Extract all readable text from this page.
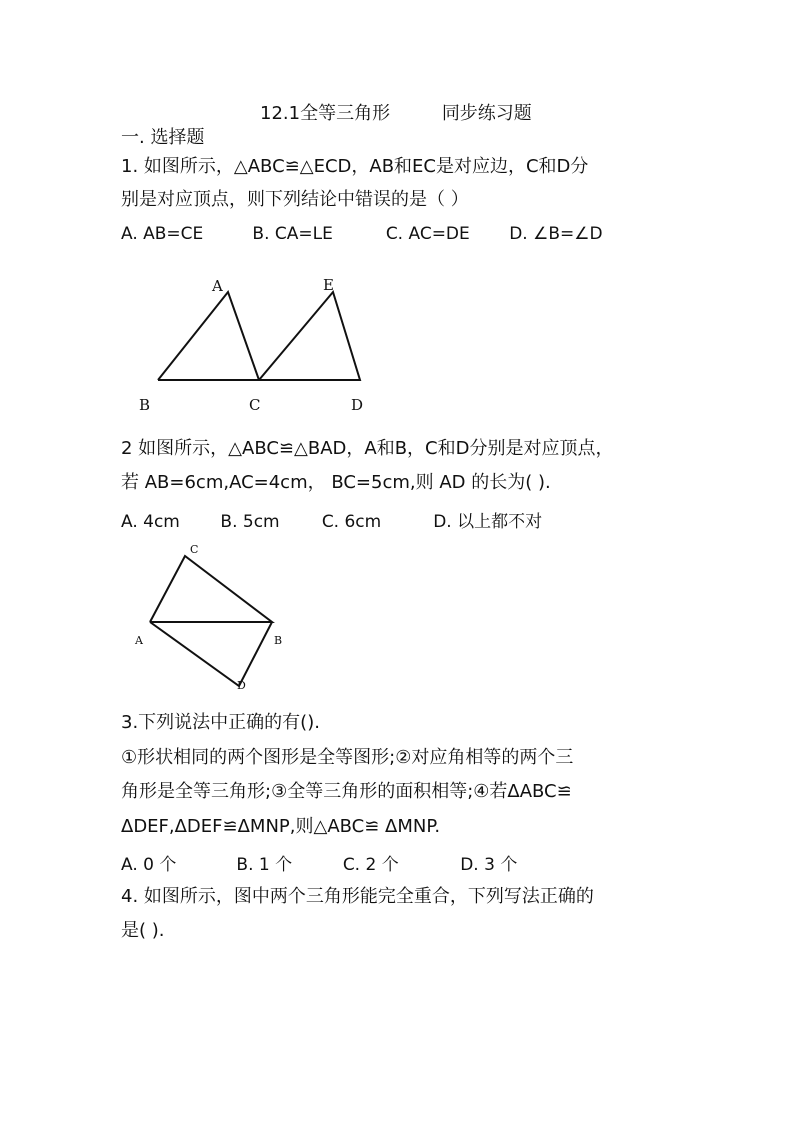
12.1全等三角形	同步练习题
一. 选择题
1. 如图所示，△ABC≌△ECD，AB和EC是对应边，C和D分
别是对应顶点，则下列结论中错误的是（ ）
A. AB=CE	B. CA=LE	C. AC=DE D. ∠B=∠D
A	E
B	C	D
C
A	B
D
2 如图所示，△ABC≌△BAD，A和B，C和D分别是对应顶点，
若 AB=6cm,AC=4cm， BC=5cm,则 AD 的长为( ).
A. 4cm B. 5cm C. 6cm	D. 以上都不对
3.下列说法中正确的有().
①形状相同的两个图形是全等图形;②对应角相等的两个三
角形是全等三角形;③全等三角形的面积相等;④若ΔABC≌
ΔDEF,ΔDEF≌ΔMNP,则△ABC≌ ΔMNP.
A. 0 个	B. 1 个	C. 2 个	D. 3 个
4. 如图所示，图中两个三角形能完全重合，下列写法正确的
是( ).
